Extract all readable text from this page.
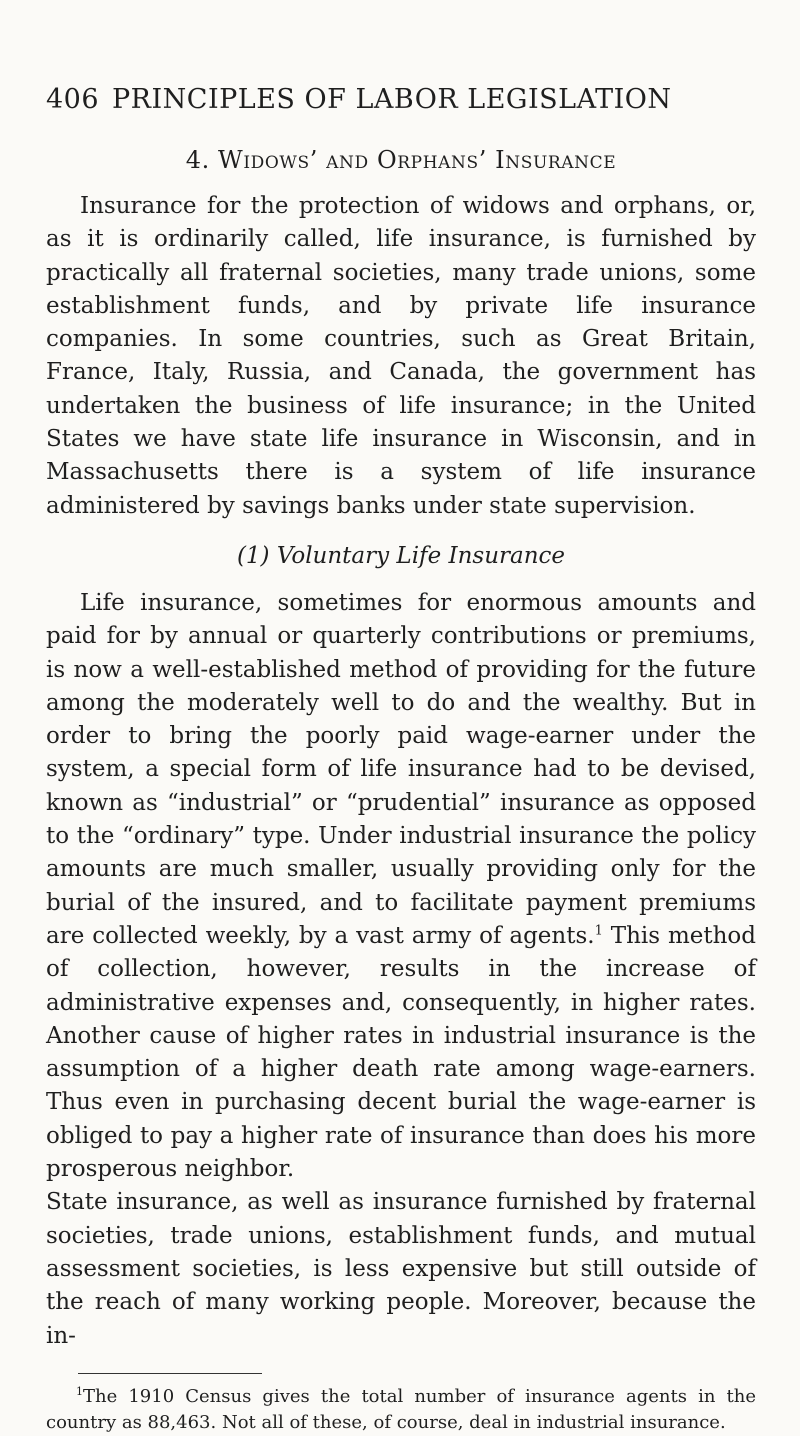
406 PRINCIPLES OF LABOR LEGISLATION
4. Widows’ and Orphans’ Insurance

Insurance for the protection of widows and orphans, or, as it is ordinarily called, life insurance, is furnished by practically all fraternal societies, many trade unions, some establishment funds, and by private life insurance companies. In some countries, such as Great Britain, France, Italy, Russia, and Canada, the government has undertaken the business of life insurance; in the United States we have state life insurance in Wisconsin, and in Massachusetts there is a system of life insurance administered by savings banks under state supervision.

(1) Voluntary Life Insurance

Life insurance, sometimes for enormous amounts and paid for by annual or quarterly contributions or premiums, is now a well-established method of providing for the future among the moderately well to do and the wealthy. But in order to bring the poorly paid wage-earner under the system, a special form of life insurance had to be devised, known as “industrial” or “prudential” insurance as opposed to the “ordinary” type. Under industrial insurance the policy amounts are much smaller, usually providing only for the burial of the insured, and to facilitate payment premiums are collected weekly, by a vast army of agents.$^1$ This method of collection, however, results in the increase of administrative expenses and, consequently, in higher rates. Another cause of higher rates in industrial insurance is the assumption of a higher death rate among wage-earners. Thus even in purchasing decent burial the wage-earner is obliged to pay a higher rate of insurance than does his more prosperous neighbor.

State insurance, as well as insurance furnished by fraternal societies, trade unions, establishment funds, and mutual assessment societies, is less expensive but still outside of the reach of many working people. Moreover, because the in-

$^1$The 1910 Census gives the total number of insurance agents in the country as 88,463. Not all of these, of course, deal in industrial insurance.
